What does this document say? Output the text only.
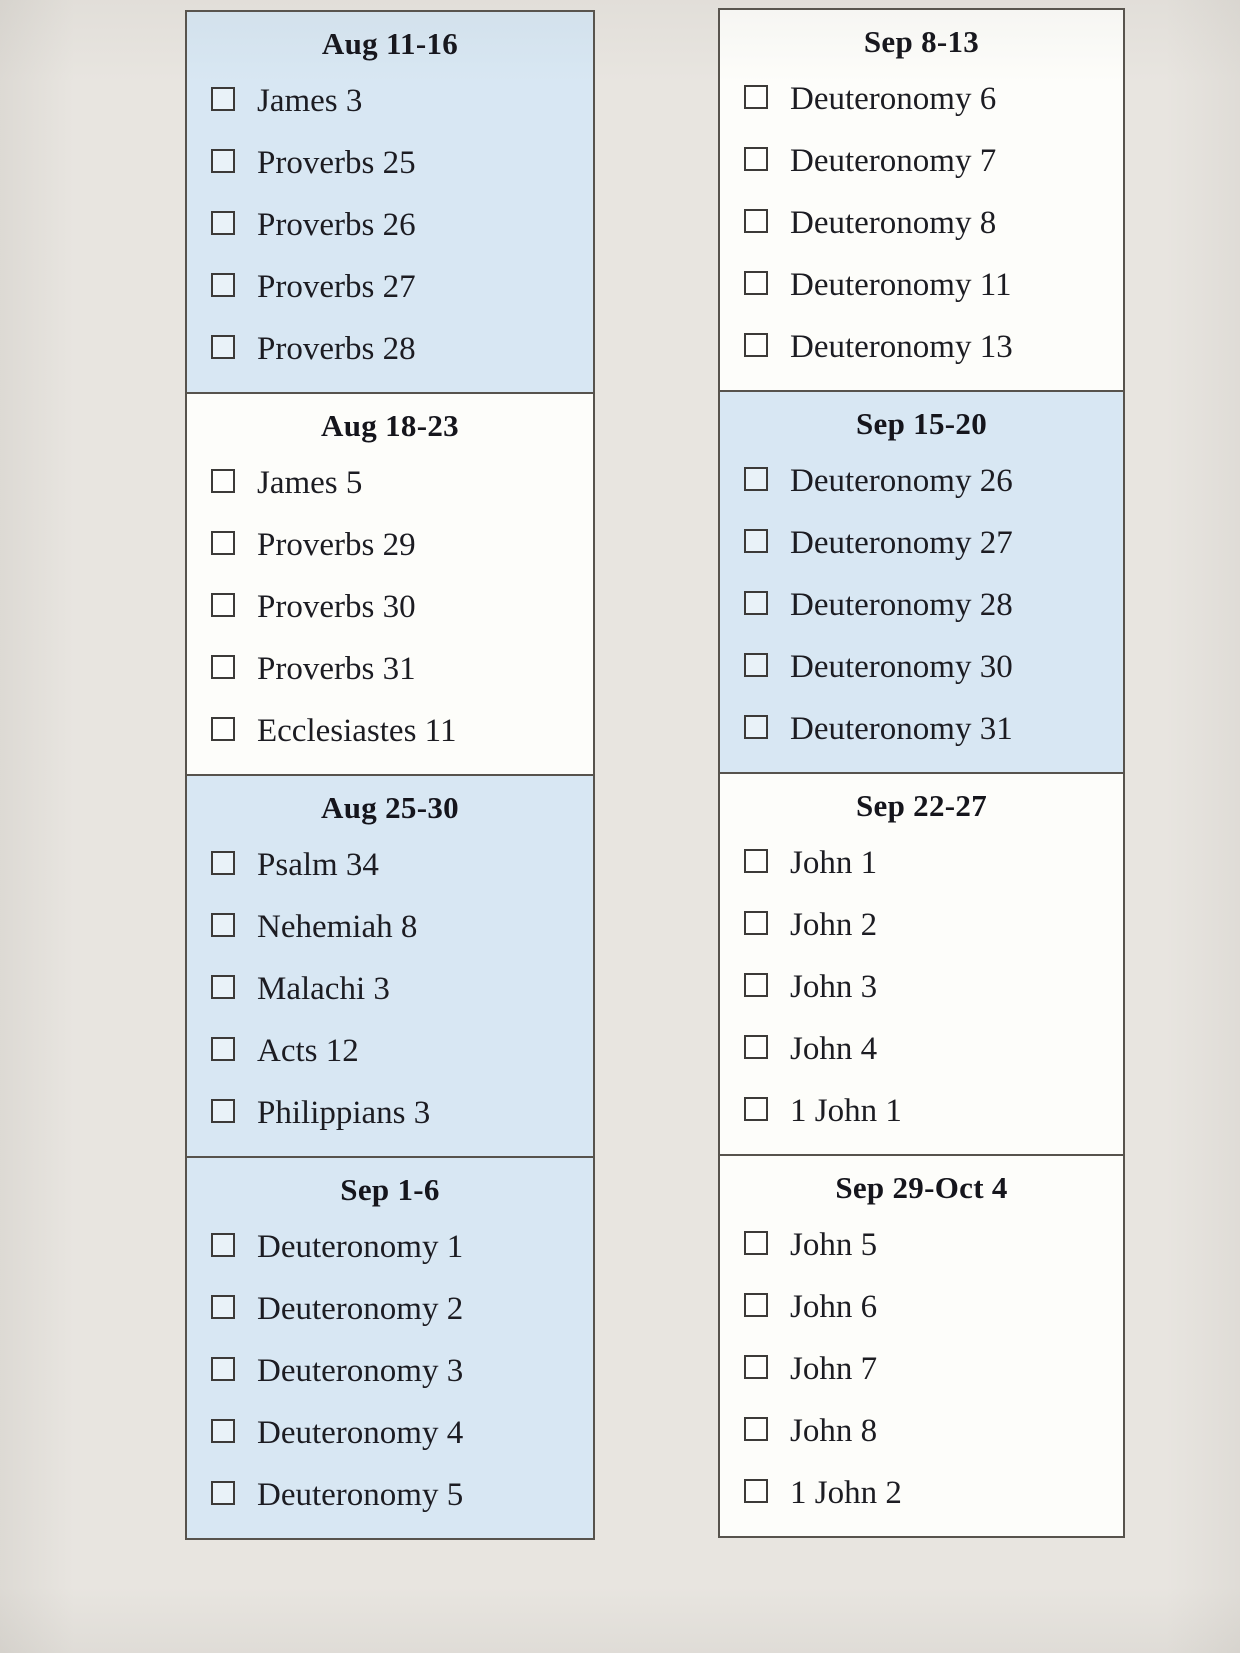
Aug 11-16
James 3
Proverbs 25
Proverbs 26
Proverbs 27
Proverbs 28
Aug 18-23
James 5
Proverbs 29
Proverbs 30
Proverbs 31
Ecclesiastes 11
Aug 25-30
Psalm 34
Nehemiah 8
Malachi 3
Acts 12
Philippians 3
Sep 1-6
Deuteronomy 1
Deuteronomy 2
Deuteronomy 3
Deuteronomy 4
Deuteronomy 5
Sep 8-13
Deuteronomy 6
Deuteronomy 7
Deuteronomy 8
Deuteronomy 11
Deuteronomy 13
Sep 15-20
Deuteronomy 26
Deuteronomy 27
Deuteronomy 28
Deuteronomy 30
Deuteronomy 31
Sep 22-27
John 1
John 2
John 3
John 4
1 John 1
Sep 29-Oct 4
John 5
John 6
John 7
John 8
1 John 2
